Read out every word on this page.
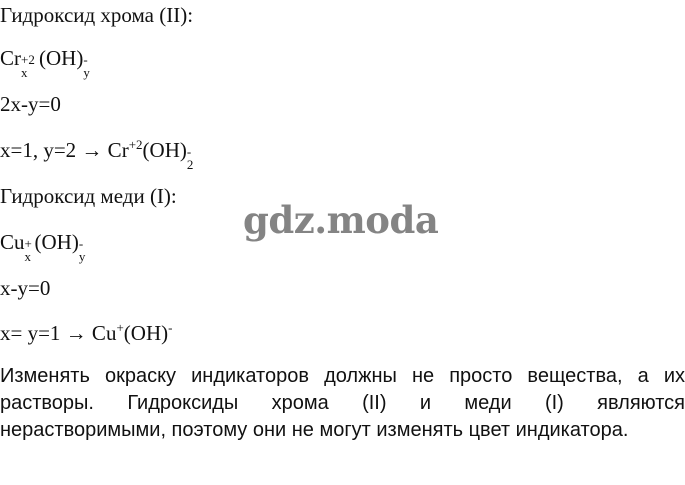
Гидроксид хрома (II):
Cr
x
+2 (OH)
y
-
2x-y=0
x=1, $y=2 \to Cr^{+2}(OH)$
2
-
Гидроксид меди (I):
gdz.moda
Cu
x
+ (OH)
y
-
x-y=0
x= y=1 → Cu+(OH)-

Изменять окраску индикаторов должны не просто вещества, а их

растворы. Гидроксиды хрома (II) и меди (I) являются

нерастворимыми, поэтому они не могут изменять цвет индикатора.
